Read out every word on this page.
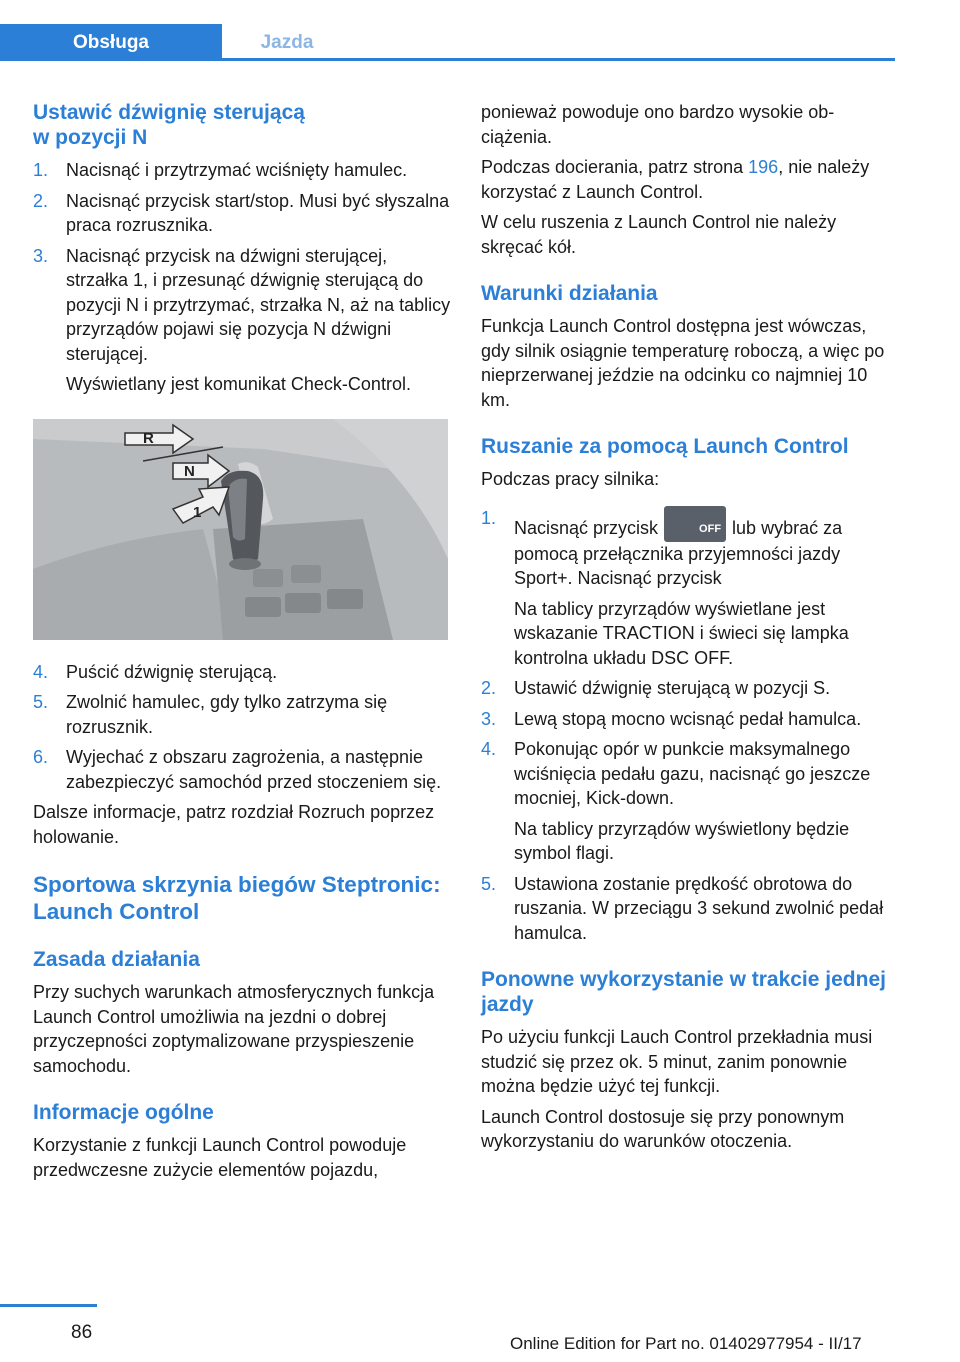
Obsługa	Jazda
Ustawić dźwignię sterującą
w pozycji N
1. Nacisnąć i przytrzymać wciśnięty hamulec.
2. Nacisnąć przycisk start/stop. Musi być słyszalna praca rozrusznika.
3. Nacisnąć przycisk na dźwigni sterującej, strzałka 1, i przesunąć dźwignię sterującą do pozycji N i przytrzymać, strzałka N, aż na tablicy przyrządów pojawi się pozycja N dźwigni sterującej.

Wyświetlany jest komunikat Check-Control.

R
N
1
4. Puścić dźwignię sterującą.
5. Zwolnić hamulec, gdy tylko zatrzyma się rozrusznik.
6. Wyjechać z obszaru zagrożenia, a następnie zabezpieczyć samochód przed stoczeniem się.

Dalsze informacje, patrz rozdział Rozruch poprzez holowanie.

Sportowa skrzynia biegów Steptronic: Launch Control
Zasada działania

Przy suchych warunkach atmosferycznych funkcja Launch Control umożliwia na jezdni o dobrej przyczepności zoptymalizowane przyspieszenie samochodu.

Informacje ogólne

Korzystanie z funkcji Launch Control powoduje przedwczesne zużycie elementów pojazdu,

ponieważ powoduje ono bardzo wysokie obciążenia.

Podczas docierania, patrz strona 196, nie należy korzystać z Launch Control.

W celu ruszenia z Launch Control nie należy skręcać kół.

Warunki działania

Funkcja Launch Control dostępna jest wówczas, gdy silnik osiągnie temperaturę roboczą, a więc po nieprzerwanej jeździe na odcinku co najmniej 10 km.

Ruszanie za pomocą Launch Control

Podczas pracy silnika:

1. Nacisnąć przycisk	OFF lub wybrać za pomocą przełącznika przyjemności jazdy Sport+. Nacisnąć przycisk

Na tablicy przyrządów wyświetlane jest wskazanie TRACTION i świeci się lampka kontrolna układu DSC OFF.

2. Ustawić dźwignię sterującą w pozycji S.
3. Lewą stopą mocno wcisnąć pedał hamulca.
4. Pokonując opór w punkcie maksymalnego wciśnięcia pedału gazu, nacisnąć go jeszcze mocniej, Kick-down.

Na tablicy przyrządów wyświetlony będzie symbol flagi.

5. Ustawiona zostanie prędkość obrotowa do ruszania. W przeciągu 3 sekund zwolnić pedał hamulca.
Ponowne wykorzystanie w trakcie jednej jazdy

Po użyciu funkcji Lauch Control przekładnia musi studzić się przez ok. 5 minut, zanim ponownie można będzie użyć tej funkcji.

Launch Control dostosuje się przy ponownym wykorzystaniu do warunków otoczenia.

86
Online Edition for Part no. 01402977954 - II/17
